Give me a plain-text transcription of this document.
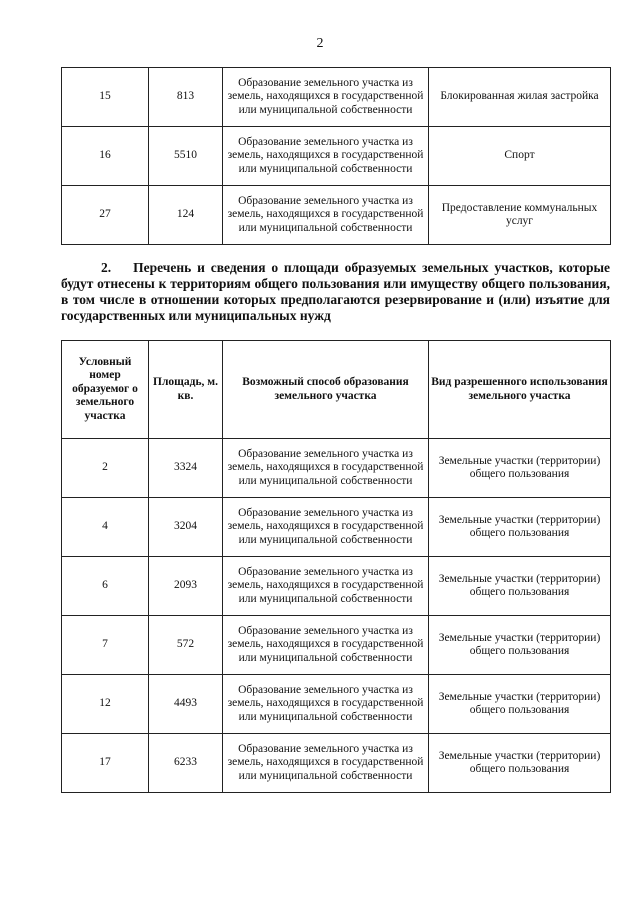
2
15	813	Образование земельного участка из земель, находящихся в государственной или муниципальной собственности	Блокированная жилая застройка
16	5510	Образование земельного участка из земель, находящихся в государственной или муниципальной собственности	Спорт
27	124	Образование земельного участка из земель, находящихся в государственной или муниципальной собственности	Предоставление коммунальных услуг
2. Перечень и сведения о площади образуемых земельных участков, которые будут отнесены к территориям общего пользования или имуществу общего пользования, в том числе в отношении которых предполагаются резервирование и (или) изъятие для государственных или муниципальных нужд
Условный номер образуемог о земельного участка	Площадь, м. кв.	Возможный способ образования земельного участка	Вид разрешенного использования земельного участка
2	3324	Образование земельного участка из земель, находящихся в государственной или муниципальной собственности	Земельные участки (территории) общего пользования
4	3204	Образование земельного участка из земель, находящихся в государственной или муниципальной собственности	Земельные участки (территории) общего пользования
6	2093	Образование земельного участка из земель, находящихся в государственной или муниципальной собственности	Земельные участки (территории) общего пользования
7	572	Образование земельного участка из земель, находящихся в государственной или муниципальной собственности	Земельные участки (территории) общего пользования
12	4493	Образование земельного участка из земель, находящихся в государственной или муниципальной собственности	Земельные участки (территории) общего пользования
17	6233	Образование земельного участка из земель, находящихся в государственной или муниципальной собственности	Земельные участки (территории) общего пользования
